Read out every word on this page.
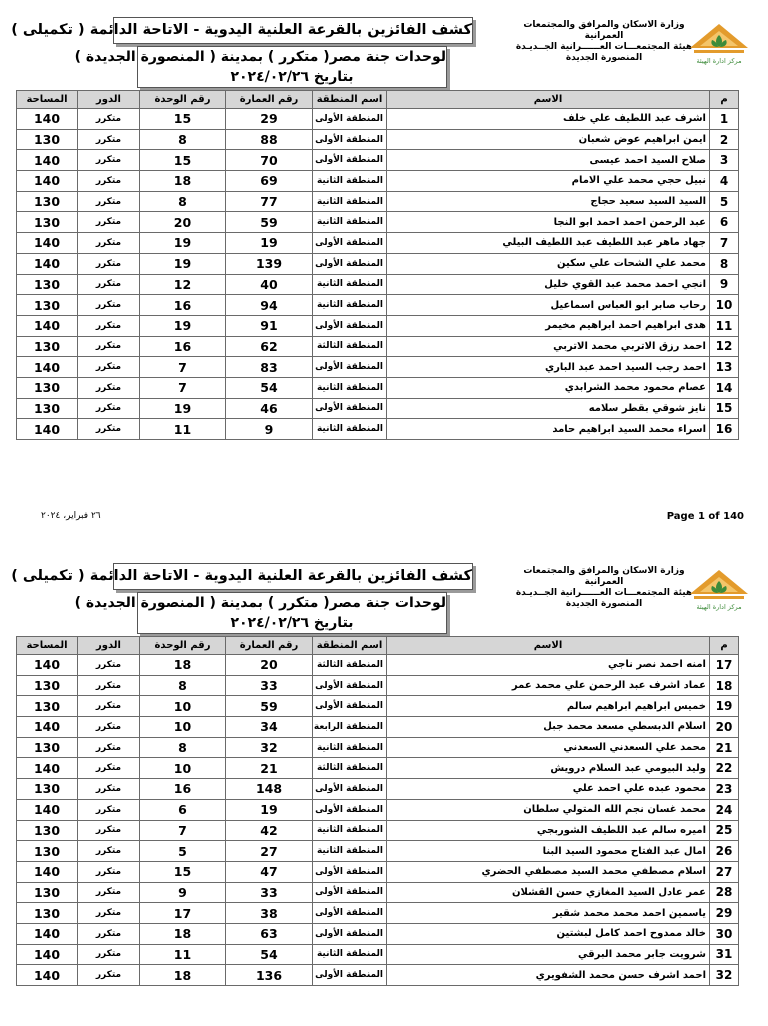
كشف الفائزين بالقرعة العلنية اليدوية - الاتاحة الدائمة ( تكميلى )
لوحدات جنة مصر( متكرر ) بمدينة ( المنصورة الجديدة )
بتاريخ ٢٠٢٤/٠٢/٢٦
وزارة الاسكان والمرافق والمجتمعات العمرانية
هيئة المجتمعـــات العــــــرانية الجــديـدة
المنصورة الجديدة	مركز ادارة الهيئة
م	الاسم	اسم المنطقة	رقم العمارة	رقم الوحدة	الدور	المساحة
1	اشرف عبد اللطيف علي خلف	المنطقة الأولى	29	15	متكرر	140
2	ايمن ابراهيم عوض شعبان	المنطقة الأولى	88	8	متكرر	130
3	صلاح السيد احمد عيسى	المنطقة الأولى	70	15	متكرر	140
4	نبيل حجي محمد علي الامام	المنطقة الثانية	69	18	متكرر	140
5	السيد السيد سعيد حجاج	المنطقة الثانية	77	8	متكرر	130
6	عبد الرحمن احمد احمد ابو النجا	المنطقة الثانية	59	20	متكرر	130
7	جهاد ماهر عبد اللطيف عبد اللطيف البيلي	المنطقة الأولى	19	19	متكرر	140
8	محمد علي الشحات علي سكين	المنطقة الأولى	139	19	متكرر	140
9	انجي احمد محمد عبد القوي خليل	المنطقة الثانية	40	12	متكرر	130
10	رحاب صابر ابو العباس اسماعيل	المنطقة الثانية	94	16	متكرر	130
11	هدى ابراهيم احمد ابراهيم مخيمر	المنطقة الأولى	91	19	متكرر	140
12	احمد رزق الاتربي محمد الاتربي	المنطقة الثالثة	62	16	متكرر	130
13	احمد رجب السيد احمد عبد الباري	المنطقة الأولى	83	7	متكرر	140
14	عصام محمود محمد الشرابدي	المنطقة الثانية	54	7	متكرر	130
15	نايز شوقي بقطر سلامه	المنطقة الأولى	46	19	متكرر	130
16	اسراء محمد السيد ابراهيم حامد	المنطقة الثانية	9	11	متكرر	140
٢٦ فبراير، ٢٠٢٤	Page 1 of 140
كشف الفائزين بالقرعة العلنية اليدوية - الاتاحة الدائمة ( تكميلى )
لوحدات جنة مصر( متكرر ) بمدينة ( المنصورة الجديدة )
بتاريخ ٢٠٢٤/٠٢/٢٦
وزارة الاسكان والمرافق والمجتمعات العمرانية
هيئة المجتمعـــات العــــــرانية الجــديـدة
المنصورة الجديدة	مركز ادارة الهيئة
م	الاسم	اسم المنطقة	رقم العمارة	رقم الوحدة	الدور	المساحة
17	امنه احمد نصر ناجي	المنطقة الثالثة	20	18	متكرر	140
18	عماد اشرف عبد الرحمن علي محمد عمر	المنطقة الأولى	33	8	متكرر	130
19	خميس ابراهيم ابراهيم سالم	المنطقة الأولى	59	10	متكرر	130
20	اسلام الدبسطي مسعد محمد جبل	المنطقة الرابعة	34	10	متكرر	140
21	محمد علي السعدني السعدني	المنطقة الثانية	32	8	متكرر	130
22	وليد البيومي عبد السلام درويش	المنطقة الثالثة	21	10	متكرر	140
23	محمود عبده علي احمد علي	المنطقة الأولى	148	16	متكرر	130
24	محمد غسان نجم الله المتولي سلطان	المنطقة الأولى	19	6	متكرر	140
25	اميره سالم عبد اللطيف الشوربجي	المنطقة الثانية	42	7	متكرر	130
26	امال عبد الفتاح محمود السيد البنا	المنطقة الثانية	27	5	متكرر	130
27	اسلام مصطفي محمد السيد مصطفي الحضري	المنطقة الأولى	47	15	متكرر	140
28	عمر عادل السيد المغازي حسن القشلان	المنطقة الأولى	33	9	متكرر	130
29	ياسمين احمد محمد محمد شقير	المنطقة الأولى	38	17	متكرر	130
30	خالد ممدوح احمد كامل لبشتين	المنطقة الأولى	63	18	متكرر	140
31	شرويت جابر محمد البرقي	المنطقة الثانية	54	11	متكرر	140
32	احمد اشرف حسن محمد الشفويري	المنطقة الأولى	136	18	متكرر	140
